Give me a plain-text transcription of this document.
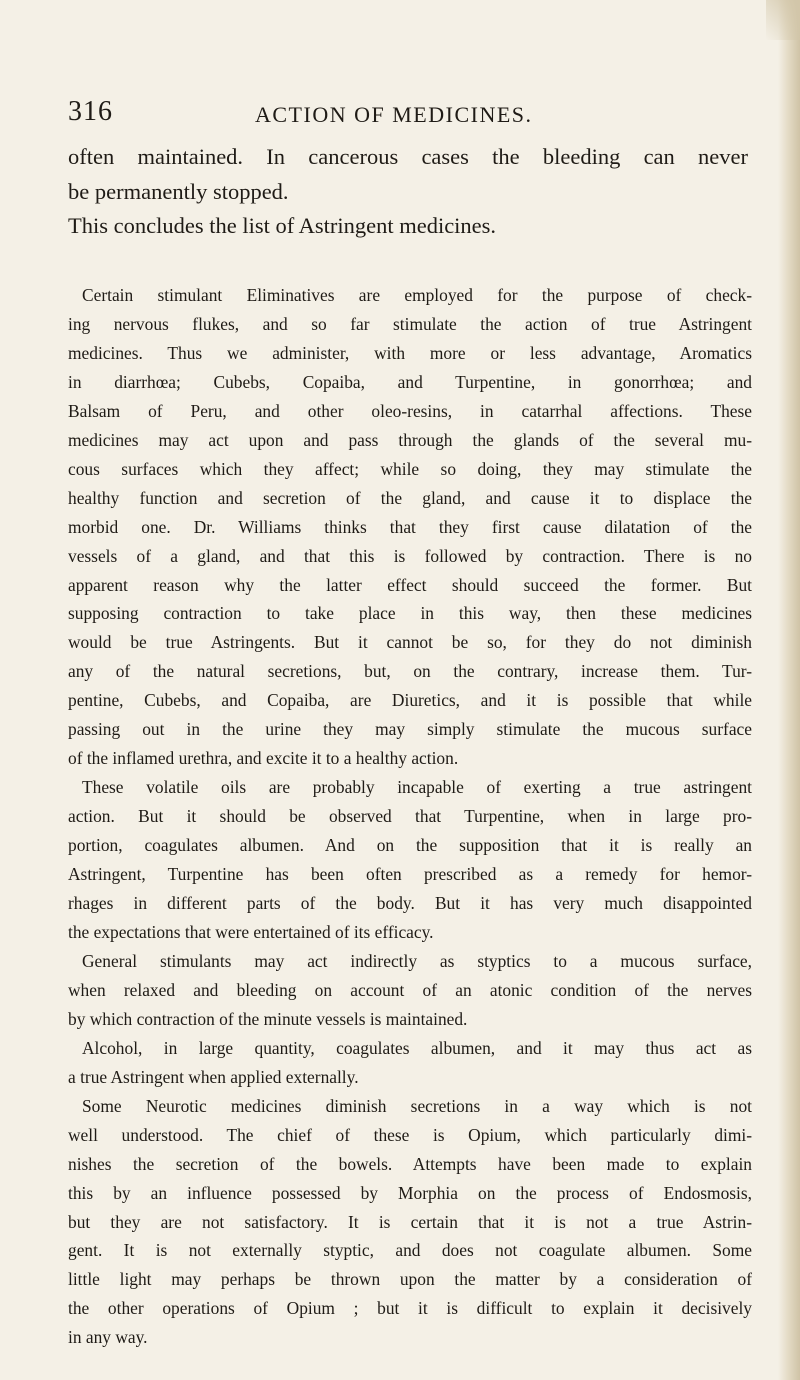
316	ACTION OF MEDICINES.
often maintained. In cancerous cases the bleeding can never
be permanently stopped.
This concludes the list of Astringent medicines.
Certain stimulant Eliminatives are employed for the purpose of check-
ing nervous flukes, and so far stimulate the action of true Astringent
medicines. Thus we administer, with more or less advantage, Aromatics
in diarrhœa; Cubebs, Copaiba, and Turpentine, in gonorrhœa; and
Balsam of Peru, and other oleo-resins, in catarrhal affections. These
medicines may act upon and pass through the glands of the several mu-
cous surfaces which they affect; while so doing, they may stimulate the
healthy function and secretion of the gland, and cause it to displace the
morbid one. Dr. Williams thinks that they first cause dilatation of the
vessels of a gland, and that this is followed by contraction. There is no
apparent reason why the latter effect should succeed the former. But
supposing contraction to take place in this way, then these medicines
would be true Astringents. But it cannot be so, for they do not diminish
any of the natural secretions, but, on the contrary, increase them. Tur-
pentine, Cubebs, and Copaiba, are Diuretics, and it is possible that while
passing out in the urine they may simply stimulate the mucous surface
of the inflamed urethra, and excite it to a healthy action.
These volatile oils are probably incapable of exerting a true astringent
action. But it should be observed that Turpentine, when in large pro-
portion, coagulates albumen. And on the supposition that it is really an
Astringent, Turpentine has been often prescribed as a remedy for hemor-
rhages in different parts of the body. But it has very much disappointed
the expectations that were entertained of its efficacy.
General stimulants may act indirectly as styptics to a mucous surface,
when relaxed and bleeding on account of an atonic condition of the nerves
by which contraction of the minute vessels is maintained.
Alcohol, in large quantity, coagulates albumen, and it may thus act as
a true Astringent when applied externally.
Some Neurotic medicines diminish secretions in a way which is not
well understood. The chief of these is Opium, which particularly dimi-
nishes the secretion of the bowels. Attempts have been made to explain
this by an influence possessed by Morphia on the process of Endosmosis,
but they are not satisfactory. It is certain that it is not a true Astrin-
gent. It is not externally styptic, and does not coagulate albumen. Some
little light may perhaps be thrown upon the matter by a consideration of
the other operations of Opium ; but it is difficult to explain it decisively
in any way.
